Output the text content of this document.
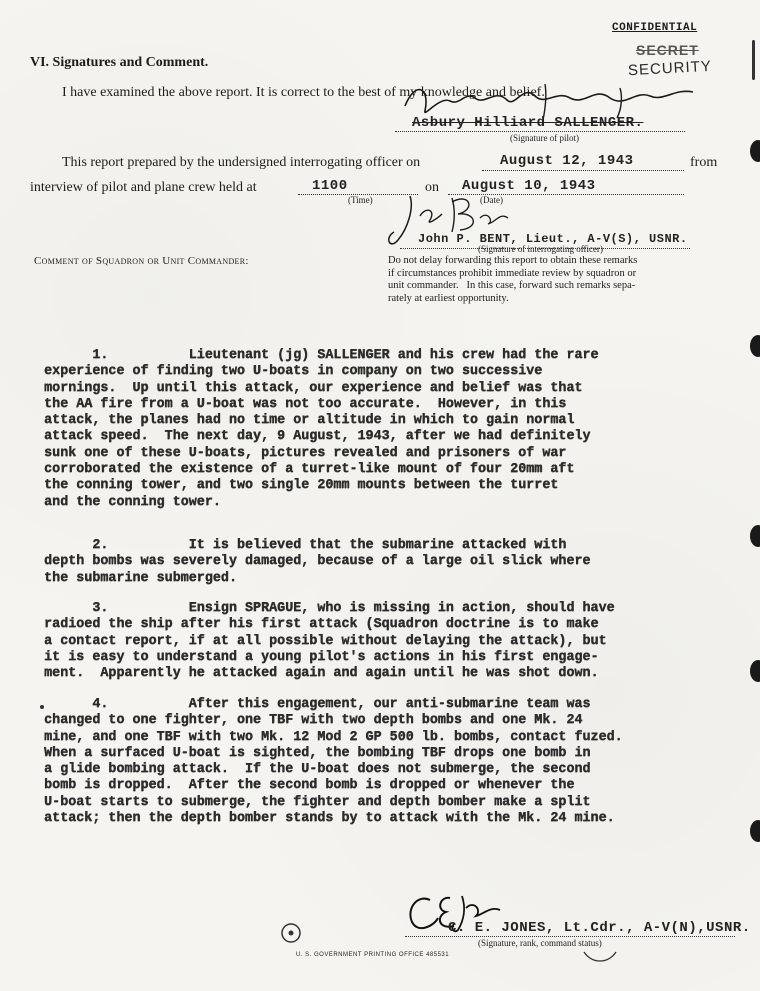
CONFIDENTIAL
SECRET
SECURITY
VI. Signatures and Comment.
I have examined the above report. It is correct to the best of my knowledge and belief.
Asbury Hilliard SALLENGER.
(Signature of pilot)
This report prepared by the undersigned interrogating officer on	August 12, 1943	from
interview of pilot and plane crew held at	1100
(Time)
on August 10, 1943
(Date)
John P. BENT, Lieut., A-V(S), USNR.
(Signature of interrogating officer)
Comment of Squadron or Unit Commander:	Do not delay forwarding this report to obtain these remarks
if circumstances prohibit immediate review by squadron or
unit commander.   In this case, forward such remarks sepa-
rately at earliest opportunity.
1.          Lieutenant (jg) SALLENGER and his crew had the rare
experience of finding two U-boats in company on two successive
mornings.  Up until this attack, our experience and belief was that
the AA fire from a U-boat was not too accurate.  However, in this
attack, the planes had no time or altitude in which to gain normal
attack speed.  The next day, 9 August, 1943, after we had definitely
sunk one of these U-boats, pictures revealed and prisoners of war
corroborated the existence of a turret-like mount of four 20mm aft
the conning tower, and two single 20mm mounts between the turret
and the conning tower.
2.          It is believed that the submarine attacked with
depth bombs was severely damaged, because of a large oil slick where
the submarine submerged.
3.          Ensign SPRAGUE, who is missing in action, should have
radioed the ship after his first attack (Squadron doctrine is to make
a contact report, if at all possible without delaying the attack), but
it is easy to understand a young pilot's actions in his first engage-
ment.  Apparently he attacked again and again until he was shot down.
4.          After this engagement, our anti-submarine team was
changed to one fighter, one TBF with two depth bombs and one Mk. 24
mine, and one TBF with two Mk. 12 Mod 2 GP 500 lb. bombs, contact fuzed.
When a surfaced U-boat is sighted, the bombing TBF drops one bomb in
a glide bombing attack.  If the U-boat does not submerge, the second
bomb is dropped.  After the second bomb is dropped or whenever the
U-boat starts to submerge, the fighter and depth bomber make a split
attack; then the depth bomber stands by to attack with the Mk. 24 mine.
C. E. JONES, Lt.Cdr., A-V(N),USNR.
(Signature, rank, command status)
U. S. GOVERNMENT PRINTING OFFICE 485531
